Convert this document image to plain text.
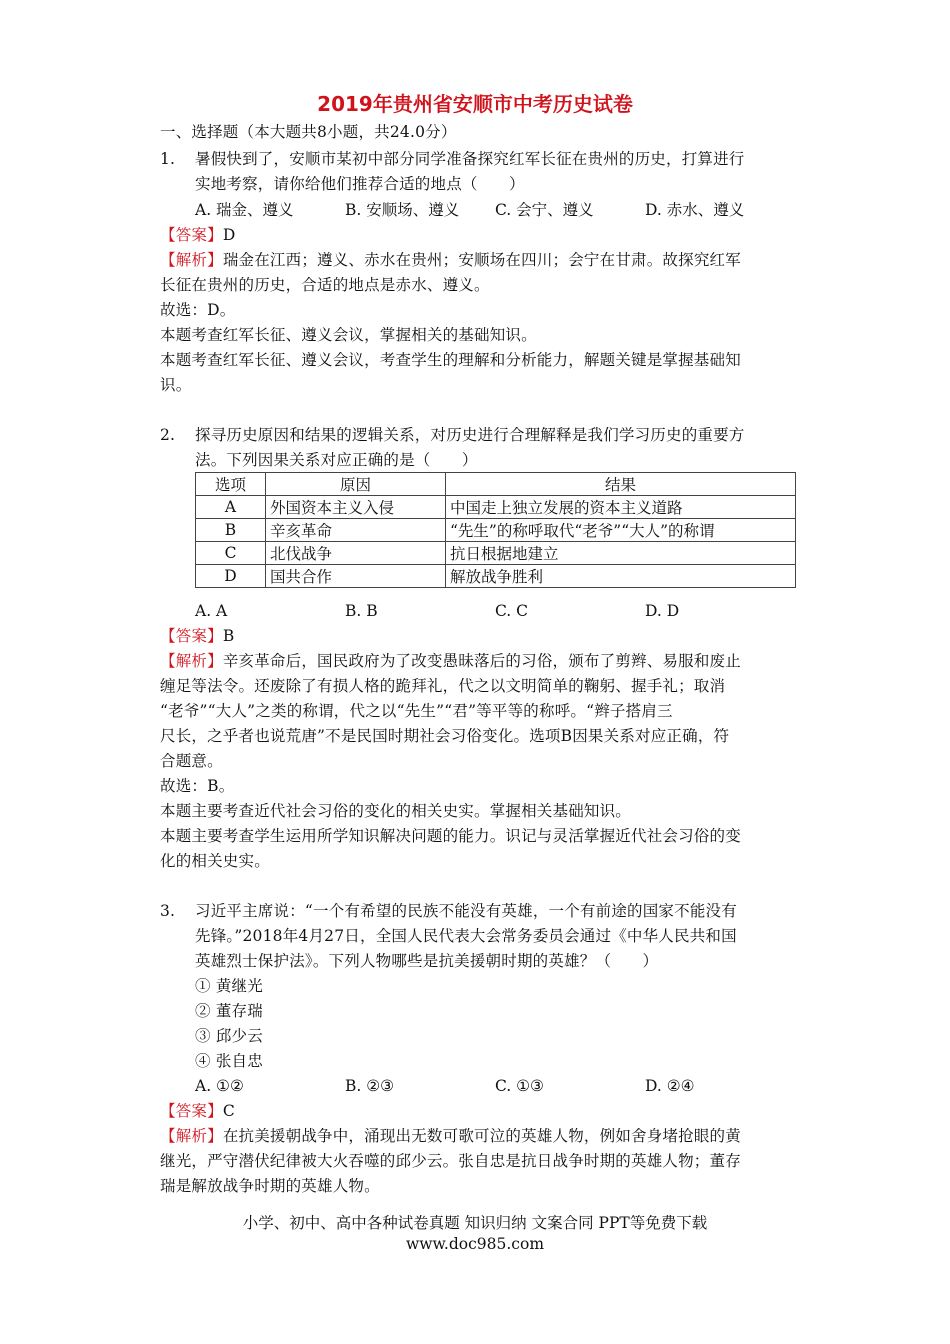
2019年贵州省安顺市中考历史试卷
一、选择题（本大题共8小题，共24.0分）
1.	暑假快到了，安顺市某初中部分同学准备探究红军长征在贵州的历史，打算进行
实地考察，请你给他们推荐合适的地点（　　）
A. 瑞金、遵义	B. 安顺场、遵义 C. 会宁、遵义	D. 赤水、遵义
【答案】D
【解析】瑞金在江西；遵义、赤水在贵州；安顺场在四川；会宁在甘肃。故探究红军
长征在贵州的历史，合适的地点是赤水、遵义。
故选：D。
本题考查红军长征、遵义会议，掌握相关的基础知识。
本题考查红军长征、遵义会议，考查学生的理解和分析能力，解题关键是掌握基础知
识。
2.	探寻历史原因和结果的逻辑关系，对历史进行合理解释是我们学习历史的重要方
法。下列因果关系对应正确的是（　　）
选项	原因	结果
A	外国资本主义入侵	中国走上独立发展的资本主义道路
B	辛亥革命	“先生”的称呼取代“老爷”“大人”的称谓
C	北伐战争	抗日根据地建立
D	国共合作	解放战争胜利
A. A	B. B	C. C	D. D
【答案】B
【解析】辛亥革命后，国民政府为了改变愚昧落后的习俗，颁布了剪辫、易服和废止
缠足等法令。还废除了有损人格的跪拜礼，代之以文明简单的鞠躬、握手礼；取消
“老爷”“大人”之类的称谓，代之以“先生”“君”等平等的称呼。“辫子搭肩三
尺长，之乎者也说荒唐”不是民国时期社会习俗变化。选项B因果关系对应正确，符
合题意。
故选：B。
本题主要考查近代社会习俗的变化的相关史实。掌握相关基础知识。
本题主要考查学生运用所学知识解决问题的能力。识记与灵活掌握近代社会习俗的变
化的相关史实。
3.	习近平主席说：“一个有希望的民族不能没有英雄，一个有前途的国家不能没有
先锋。”2018年4月27日，全国人民代表大会常务委员会通过《中华人民共和国
英雄烈士保护法》。下列人物哪些是抗美援朝时期的英雄？（　　）
① 黄继光
② 董存瑞
③ 邱少云
④ 张自忠
A. ①②	B. ②③	C. ①③	D. ②④
【答案】C
【解析】在抗美援朝战争中，涌现出无数可歌可泣的英雄人物，例如舍身堵抢眼的黄
继光，严守潜伏纪律被大火吞噬的邱少云。张自忠是抗日战争时期的英雄人物；董存
瑞是解放战争时期的英雄人物。
小学、初中、高中各种试卷真题 知识归纳 文案合同 PPT等免费下载
www.doc985.com
